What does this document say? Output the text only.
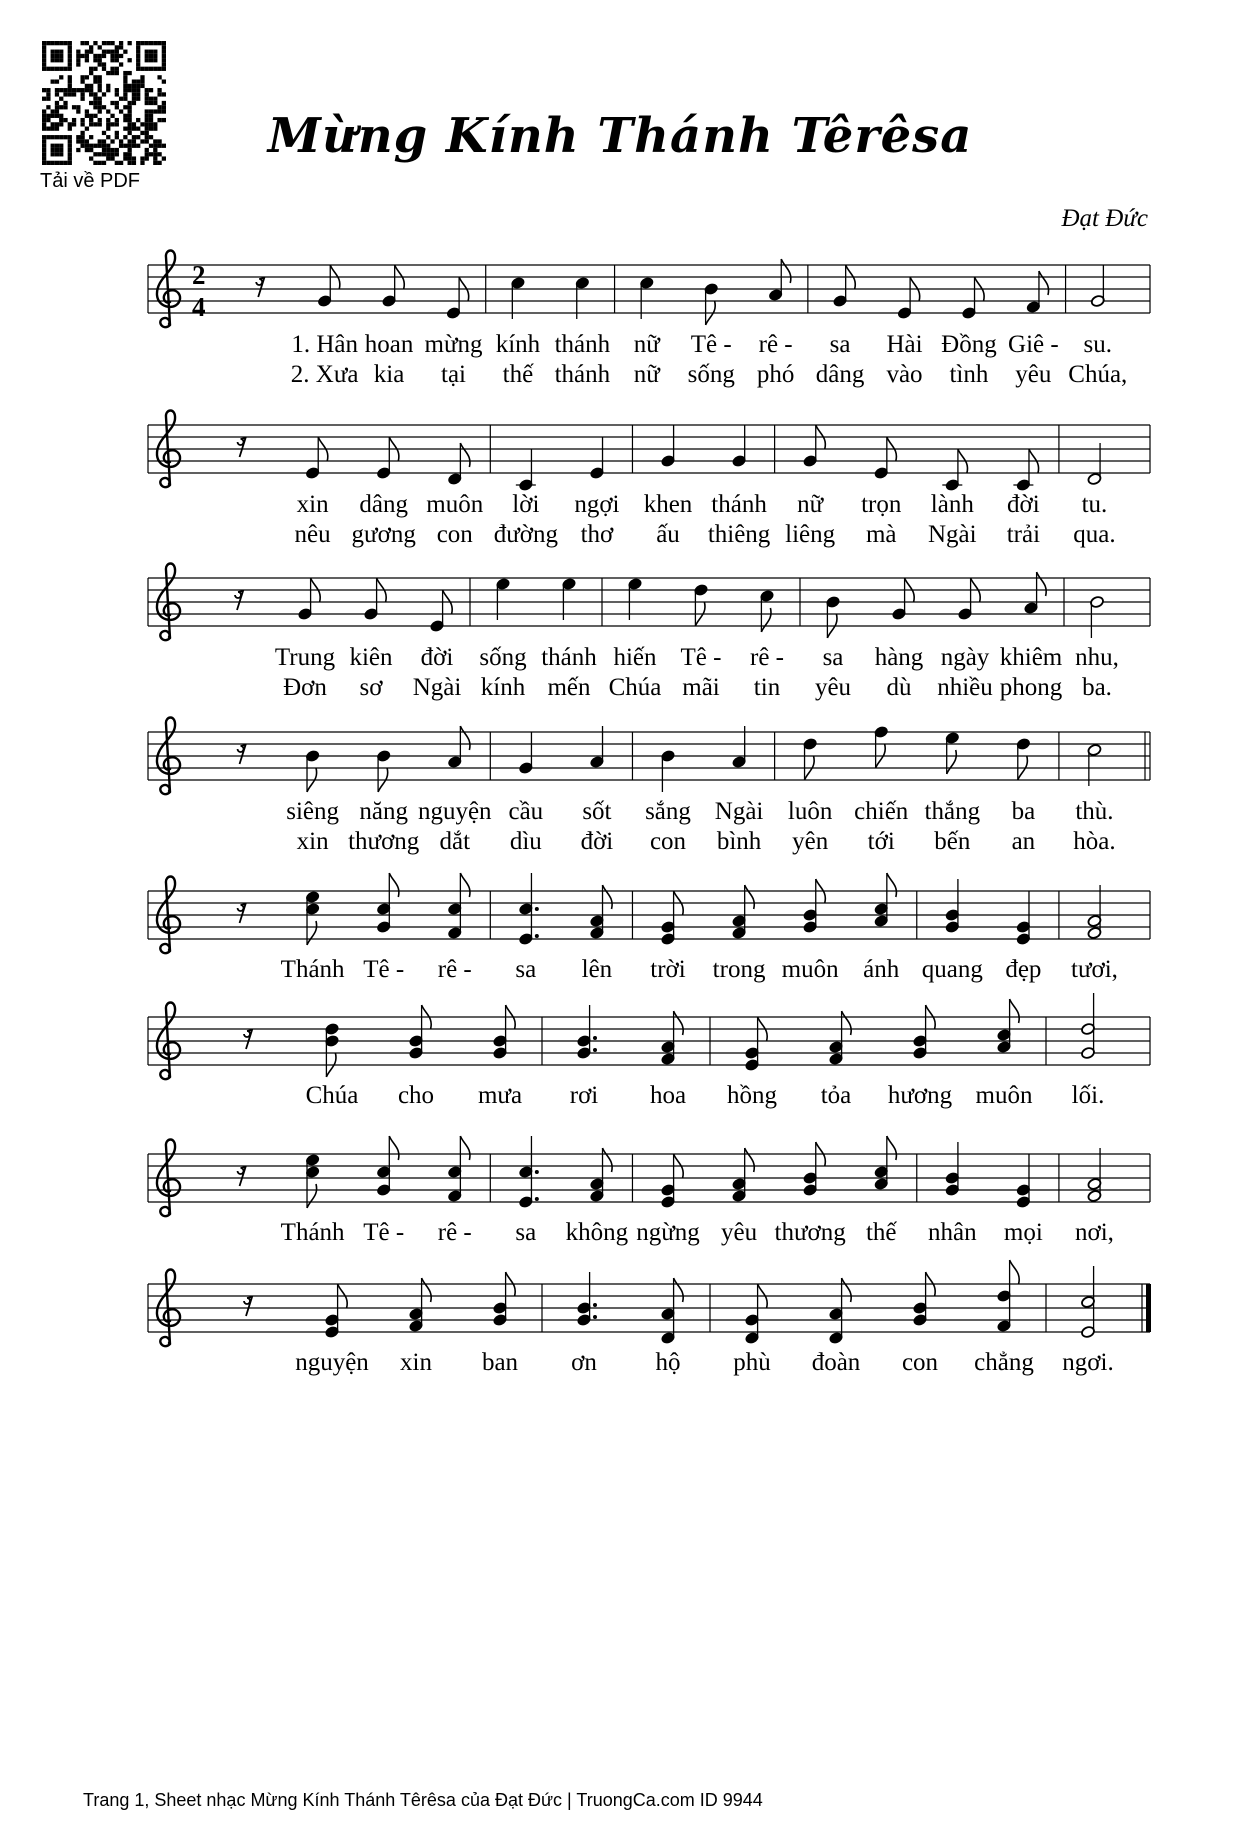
Tải về PDF
Mừng Kính Thánh Têrêsa
Đạt Đức
2
4
1. Hân hoan mừng kính thánh nữ Tê - rê - sa Hài Đồng Giê - su.
2. Xưa kia tại thế thánh nữ sống phó dâng vào tình yêu Chúa,
xin dâng muôn lời ngợi khen thánh nữ trọn lành đời tu.
nêu gương con đường thơ ấu thiêng liêng mà Ngài trải qua.
Trung kiên đời sống thánh hiến Tê - rê - sa hàng ngày khiêm nhu,
Đơn sơ Ngài kính mến Chúa mãi tin yêu dù nhiều phong ba.
siêng năng nguyện cầu sốt sắng Ngài luôn chiến thắng ba thù.
xin thương dắt dìu đời con bình yên tới bến an hòa.
Thánh Tê - rê - sa lên trời trong muôn ánh quang đẹp tươi,
Chúa cho mưa rơi hoa hồng tỏa hương muôn lối.
Thánh Tê - rê - sa không ngừng yêu thương thế nhân mọi nơi,
nguyện xin ban ơn hộ phù đoàn con chẳng ngơi.
Trang 1, Sheet nhạc Mừng Kính Thánh Têrêsa của Đạt Đức | TruongCa.com ID 9944
